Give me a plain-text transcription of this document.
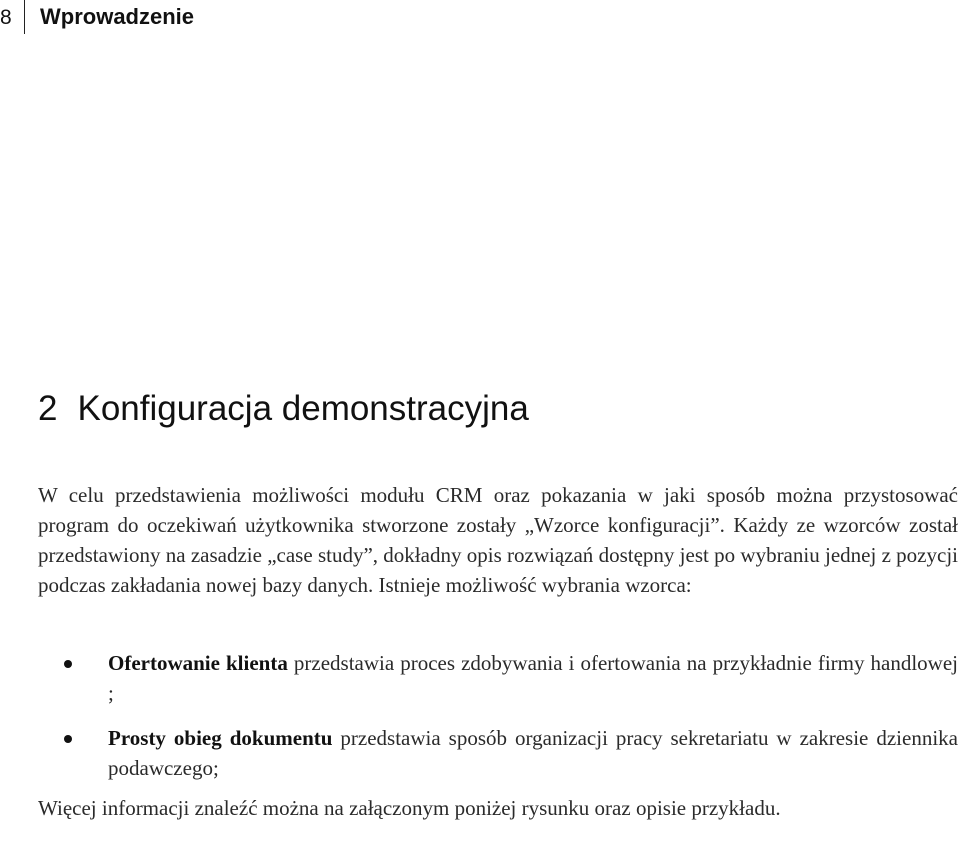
8 Wprowadzenie
2 Konfiguracja demonstracyjna

W celu przedstawienia możliwości modułu CRM oraz pokazania w jaki sposób można przystosować program do oczekiwań użytkownika stworzone zostały „Wzorce konfiguracji”. Każdy ze wzorców został przedstawiony na zasadzie „case study”, dokładny opis rozwiązań dostępny jest po wybraniu jednej z pozycji podczas zakładania nowej bazy danych. Istnieje możliwość wybrania wzorca:

Ofertowanie klienta przedstawia proces zdobywania i ofertowania na przykładnie firmy handlowej ;
Prosty obieg dokumentu przedstawia sposób organizacji pracy sekretariatu w zakresie dziennika podawczego;

Więcej informacji znaleźć można na załączonym poniżej rysunku oraz opisie przykładu.
